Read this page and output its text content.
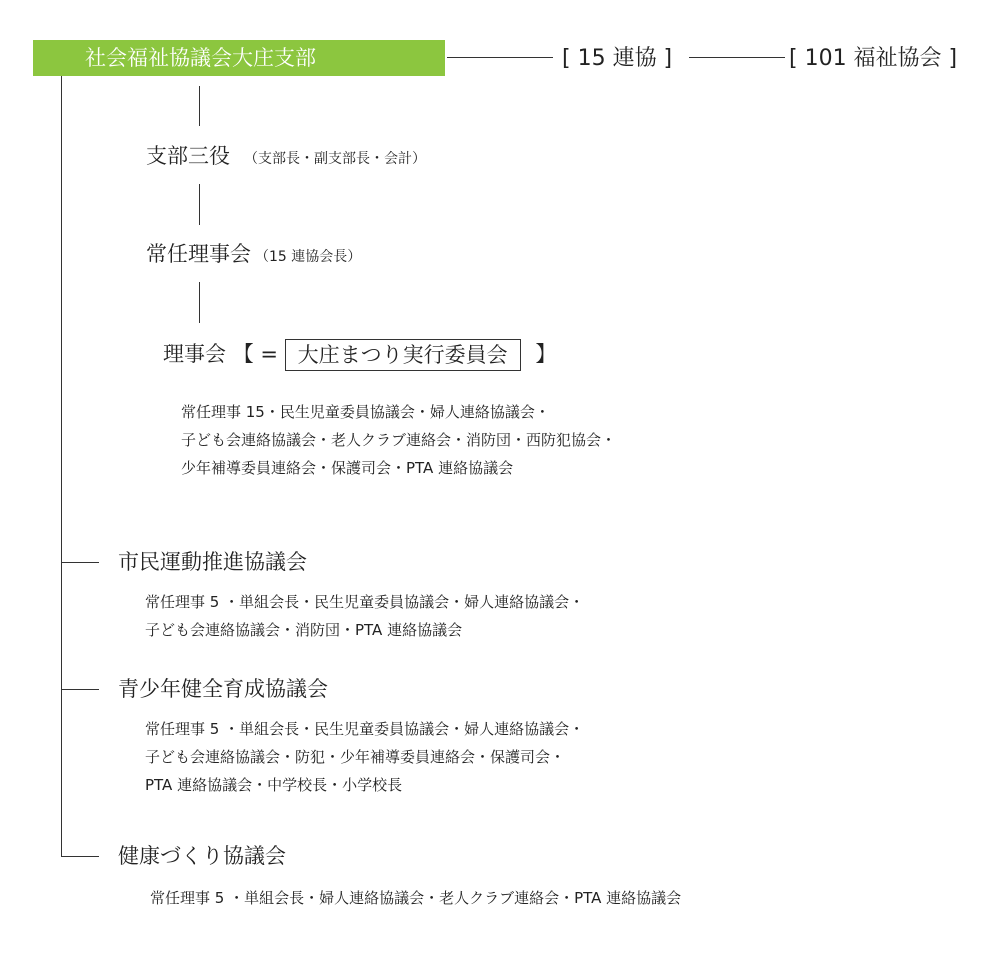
社会福祉協議会大庄支部	[ 15 連協 ]	[ 101 福祉協会 ]
支部三役 （支部長・副支部長・会計）
常任理事会 （15 連協会長）
理事会 【 = 大庄まつり実行委員会 】
常任理事 15・民生児童委員協議会・婦人連絡協議会・
子ども会連絡協議会・老人クラブ連絡会・消防団・西防犯協会・
少年補導委員連絡会・保護司会・PTA 連絡協議会
市民運動推進協議会
常任理事 5 ・単組会長・民生児童委員協議会・婦人連絡協議会・
子ども会連絡協議会・消防団・PTA 連絡協議会
青少年健全育成協議会
常任理事 5 ・単組会長・民生児童委員協議会・婦人連絡協議会・
子ども会連絡協議会・防犯・少年補導委員連絡会・保護司会・
PTA 連絡協議会・中学校長・小学校長
健康づくり協議会
常任理事 5 ・単組会長・婦人連絡協議会・老人クラブ連絡会・PTA 連絡協議会
